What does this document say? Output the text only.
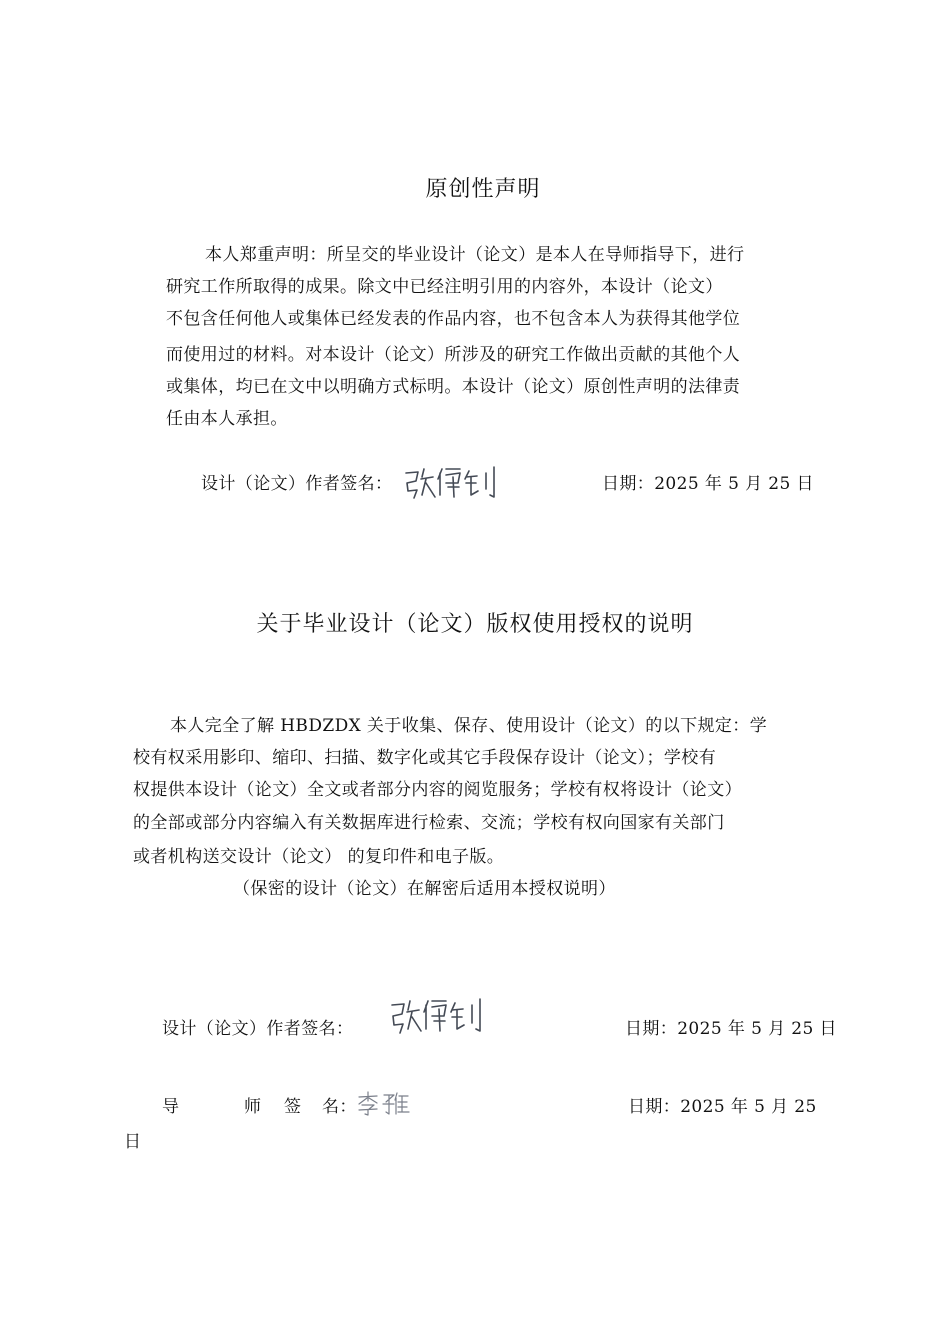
原创性声明
本人郑重声明：所呈交的毕业设计（论文）是本人在导师指导下，进行
研究工作所取得的成果。除文中已经注明引用的内容外，本设计（论文）
不包含任何他人或集体已经发表的作品内容，也不包含本人为获得其他学位
而使用过的材料。对本设计（论文）所涉及的研究工作做出贡献的其他个人
或集体，均已在文中以明确方式标明。本设计（论文）原创性声明的法律责
任由本人承担。
设计（论文）作者签名：	日期：2025 年 5 月 25 日
关于毕业设计（论文）版权使用授权的说明
本人完全了解 HBDZDX 关于收集、保存、使用设计（论文）的以下规定：学
校有权采用影印、缩印、扫描、数字化或其它手段保存设计（论文）；学校有
权提供本设计（论文）全文或者部分内容的阅览服务；学校有权将设计（论文）
的全部或部分内容编入有关数据库进行检索、交流；学校有权向国家有关部门
或者机构送交设计（论文） 的复印件和电子版。
（保密的设计（论文）在解密后适用本授权说明）
设计（论文）作者签名：	日期：2025 年 5 月 25 日
导	师 签 名：	日期：2025 年 5 月 25
日
